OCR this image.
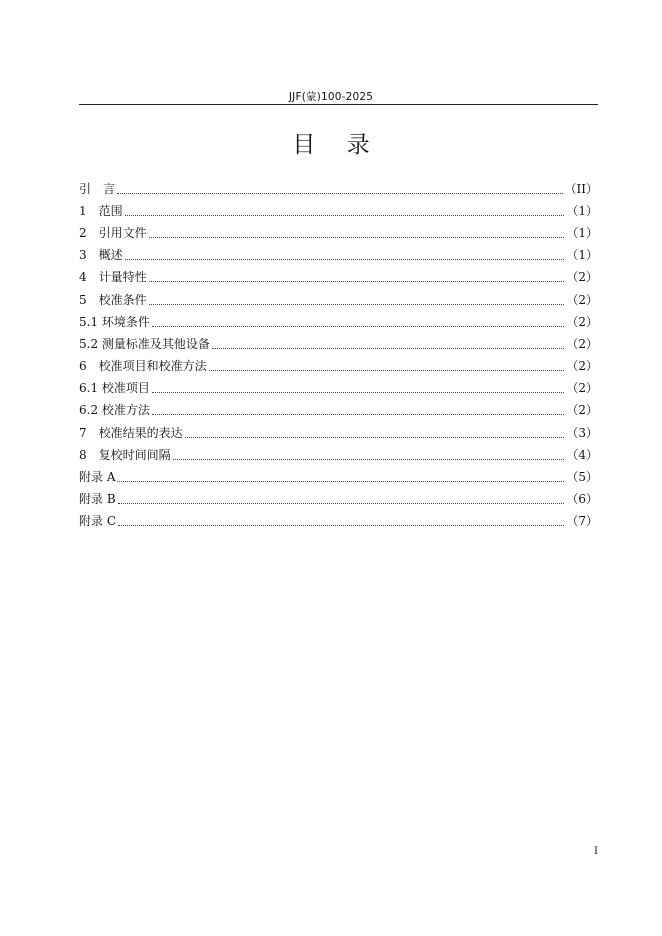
JJF(蒙)100-2025
目 录
引　言	（II）
1　范围	（1）
2　引用文件	（1）
3　概述	（1）
4　计量特性	（2）
5　校准条件	（2）
5.1 环境条件	（2）
5.2 测量标准及其他设备	（2）
6　校准项目和校准方法	（2）
6.1 校准项目	（2）
6.2 校准方法	（2）
7　校准结果的表达	（3）
8　复校时间间隔	（4）
附录 A	（5）
附录 B	（6）
附录 C	（7）
I
